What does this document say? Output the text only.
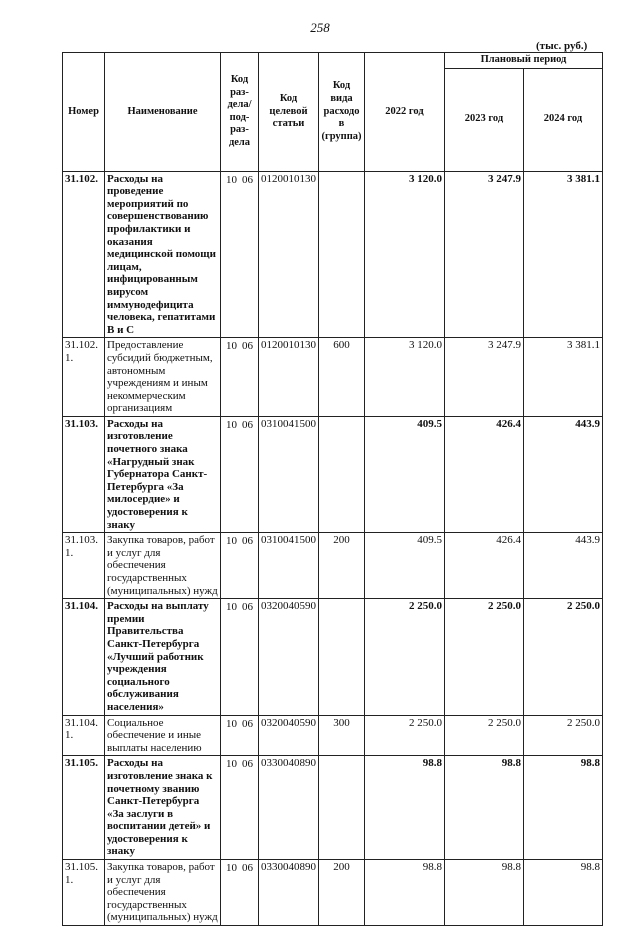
258
(тыс. руб.)
Номер	Наименование	Код раз-дела/ под-раз-дела	Код целевой статьи	Код вида расходов (группа)	2022 год	Плановый период	
						2023 год	2024 год
31.102.	Расходы на проведение мероприятий по совершенствованию профилактики и оказания медицинской помощи лицам, инфицированным вирусом иммунодефицита человека, гепатитами В и С	10 06	0120010130		3 120.0	3 247.9	3 381.1
31.102.1.	Предоставление субсидий бюджетным, автономным учреждениям и иным некоммерческим организациям	10 06	0120010130	600	3 120.0	3 247.9	3 381.1
31.103.	Расходы на изготовление почетного знака «Нагрудный знак Губернатора Санкт-Петербурга «За милосердие» и удостоверения к знаку	10 06	0310041500		409.5	426.4	443.9
31.103.1.	Закупка товаров, работ и услуг для обеспечения государственных (муниципальных) нужд	10 06	0310041500	200	409.5	426.4	443.9
31.104.	Расходы на выплату премии Правительства Санкт-Петербурга «Лучший работник учреждения социального обслуживания населения»	10 06	0320040590		2 250.0	2 250.0	2 250.0
31.104.1.	Социальное обеспечение и иные выплаты населению	10 06	0320040590	300	2 250.0	2 250.0	2 250.0
31.105.	Расходы на изготовление знака к почетному званию Санкт-Петербурга «За заслуги в воспитании детей» и удостоверения к знаку	10 06	0330040890		98.8	98.8	98.8
31.105.1.	Закупка товаров, работ и услуг для обеспечения государственных (муниципальных) нужд	10 06	0330040890	200	98.8	98.8	98.8
